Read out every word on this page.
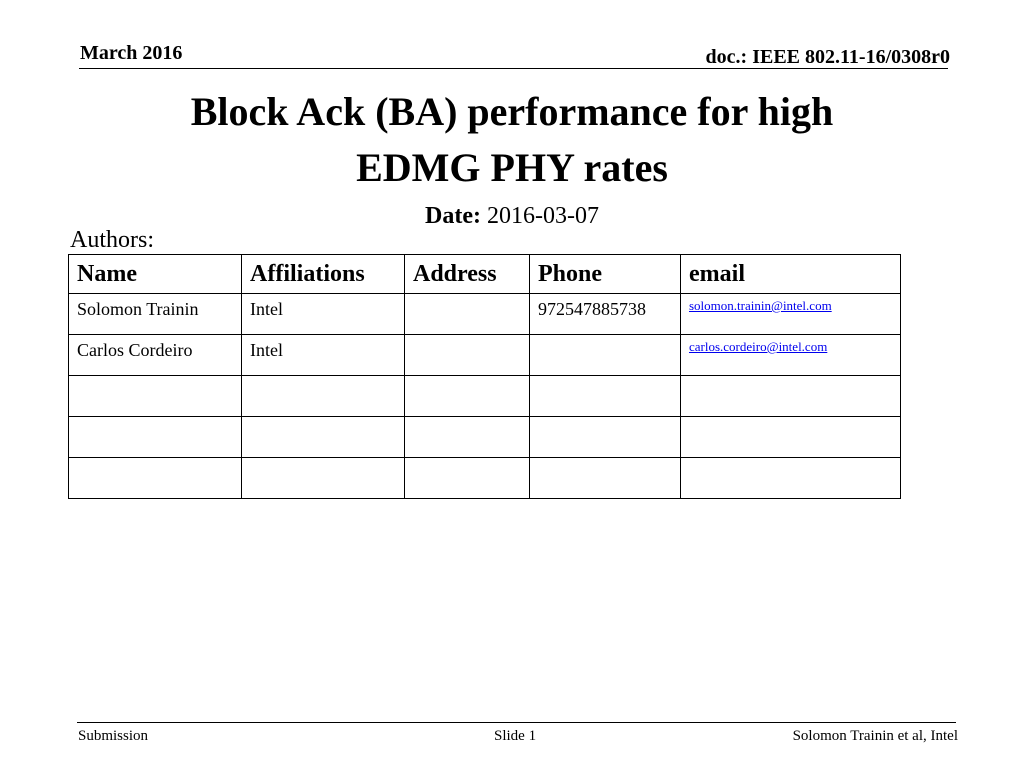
March 2016	doc.: IEEE 802.11-16/0308r0
Block Ack (BA) performance for high
EDMG PHY rates
Date: 2016-03-07
Authors:
Name	Affiliations	Address	Phone	email
Solomon Trainin	Intel		972547885738	solomon.trainin@intel.com
Carlos Cordeiro	Intel			carlos.cordeiro@intel.com

Submission	Slide 1	Solomon Trainin et al, Intel
